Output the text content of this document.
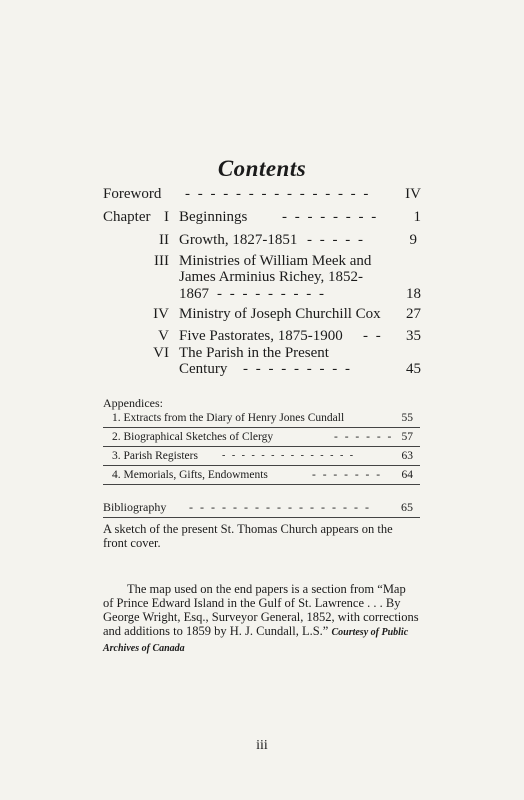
Contents
Foreword - - - - - - - - - - - - - - - IV
Chapter I Beginnings	- - - - - - - - 1
II Growth, 1827-1851 - - - - -	9
III Ministries of William Meek and
James Arminius Richey, 1852-
1867 - - - - - - - - -	18
IV Ministry of Joseph Churchill Cox	27
V Five Pastorates, 1875-1900	- - 35
VI The Parish in the Present
Century	- - - - - - - - -	45
Appendices:
1. Extracts from the Diary of Henry Jones Cundall	55
2. Biographical Sketches of Clergy	- - - - - - 57
3. Parish Registers - - - - - - - - - - - - - -	63
4. Memorials, Gifts, Endowments	- - - - - - - 64
Bibliography - - - - - - - - - - - - - - - - -	65
A sketch of the present St. Thomas Church appears on the front cover.
The map used on the end papers is a section from “Map of Prince Edward Island in the Gulf of St. Lawrence . . . By George Wright, Esq., Surveyor General, 1852, with corrections and additions to 1859 by H. J. Cundall, L.S.” Courtesy of Public Archives of Canada
iii
